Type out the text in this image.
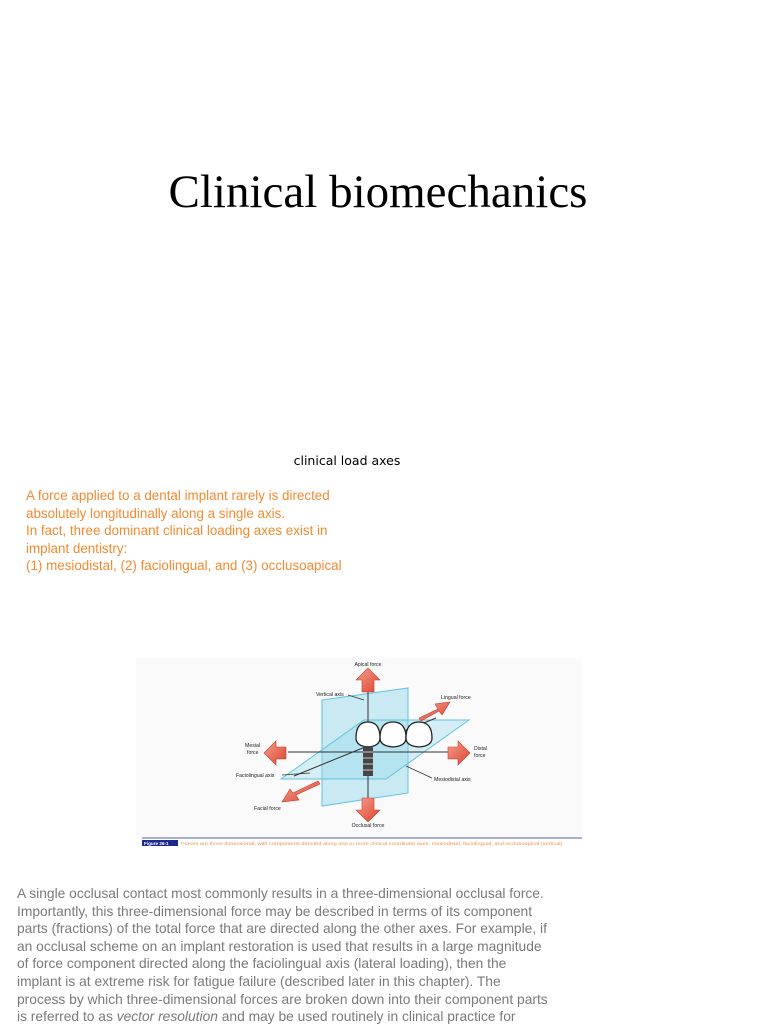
Clinical biomechanics
clinical load axes
A force applied to a dental implant rarely is directed
absolutely longitudinally along a single axis.
In fact, three dominant clinical loading axes exist in
implant dentistry:
(1) mesiodistal, (2) faciolingual, and (3) occlusoapical
Apical force
Vertical axis	Lingual force
Mesial
force
Distal
force
Faciolingual axis
Mesiodistal axis
Facial force
Occlusal force
Figure 26-1	Forces are three-dimensional, with components directed along one or more clinical coordinate axes: mesiodistal, faciolingual, and occlusoapical (vertical).
A single occlusal contact most commonly results in a three-dimensional occlusal force.
Importantly, this three-dimensional force may be described in terms of its component
parts (fractions) of the total force that are directed along the other axes. For example, if
an occlusal scheme on an implant restoration is used that results in a large magnitude
of force component directed along the faciolingual axis (lateral loading), then the
implant is at extreme risk for fatigue failure (described later in this chapter). The
process by which three-dimensional forces are broken down into their component parts
is referred to as vector resolution and may be used routinely in clinical practice for
